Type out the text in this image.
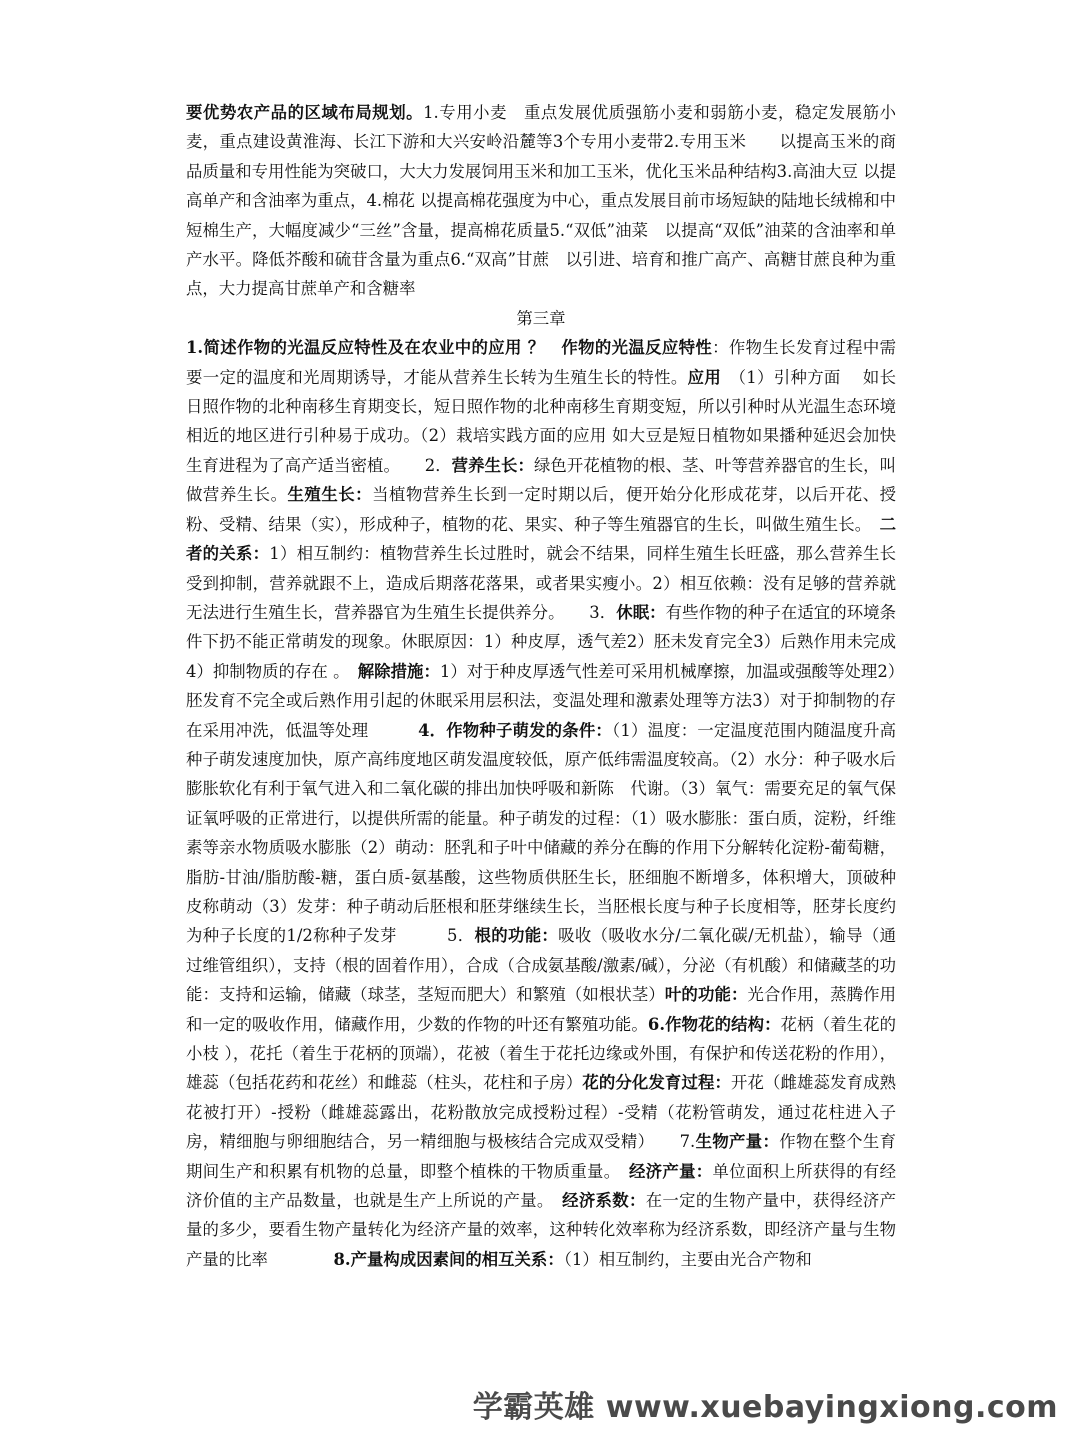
要优势农产品的区域布局规划。1.专用小麦　重点发展优质强筋小麦和弱筋小麦，稳定发展筋小麦，重点建设黄淮海、长江下游和大兴安岭沿麓等3个专用小麦带2.专用玉米　　以提高玉米的商品质量和专用性能为突破口，大大力发展饲用玉米和加工玉米，优化玉米品种结构3.高油大豆 以提高单产和含油率为重点，4.棉花 以提高棉花强度为中心，重点发展目前市场短缺的陆地长绒棉和中短棉生产，大幅度减少“三丝”含量，提高棉花质量5.“双低”油菜　以提高“双低”油菜的含油率和单产水平。降低芥酸和硫苷含量为重点6.“双高”甘蔗　以引进、培育和推广高产、高糖甘蔗良种为重点，大力提高甘蔗单产和含糖率

第三章

1.简述作物的光温反应特性及在农业中的应用 ？　 作物的光温反应特性：作物生长发育过程中需要一定的温度和光周期诱导，才能从营养生长转为生殖生长的特性。应用　（1）引种方面　 如长日照作物的北种南移生育期变长，短日照作物的北种南移生育期变短，所以引种时从光温生态环境相近的地区进行引种易于成功。（2）栽培实践方面的应用 如大豆是短日植物如果播种延迟会加快生育进程为了高产适当密植。　　2．营养生长：绿色开花植物的根、茎、叶等营养器官的生长，叫做营养生长。生殖生长：当植物营养生长到一定时期以后，便开始分化形成花芽，以后开花、授粉、受精、结果（实），形成种子，植物的花、果实、种子等生殖器官的生长，叫做生殖生长。　二者的关系：1）相互制约：植物营养生长过胜时，就会不结果，同样生殖生长旺盛，那么营养生长受到抑制，营养就跟不上，造成后期落花落果，或者果实瘦小。2）相互依赖：没有足够的营养就无法进行生殖生长，营养器官为生殖生长提供养分。　　3．休眠：有些作物的种子在适宜的环境条件下扔不能正常萌发的现象。休眠原因：1）种皮厚，透气差2）胚未发育完全3）后熟作用未完成4）抑制物质的存在 。　解除措施：1）对于种皮厚透气性差可采用机械摩擦，加温或强酸等处理2）胚发育不完全或后熟作用引起的休眠采用层积法，变温处理和激素处理等方法3）对于抑制物的存在采用冲洗，低温等处理　　　4．作物种子萌发的条件：（1）温度：一定温度范围内随温度升高种子萌发速度加快，原产高纬度地区萌发温度较低，原产低纬需温度较高。（2）水分：种子吸水后膨胀软化有利于氧气进入和二氧化碳的排出加快呼吸和新陈　代谢。（3）氧气：需要充足的氧气保证氧呼吸的正常进行，以提供所需的能量。种子萌发的过程：（1）吸水膨胀：蛋白质，淀粉，纤维素等亲水物质吸水膨胀（2）萌动：胚乳和子叶中储藏的养分在酶的作用下分解转化淀粉-葡萄糖，脂肪-甘油/脂肪酸-糖，蛋白质-氨基酸，这些物质供胚生长，胚细胞不断增多，体积增大，顶破种皮称萌动（3）发芽：种子萌动后胚根和胚芽继续生长，当胚根长度与种子长度相等，胚芽长度约为种子长度的1/2称种子发芽　　　5．根的功能：吸收（吸收水分/二氧化碳/无机盐），输导（通过维管组织），支持（根的固着作用），合成（合成氨基酸/激素/碱），分泌（有机酸）和储藏茎的功能：支持和运输，储藏（球茎，茎短而肥大）和繁殖（如根状茎）叶的功能：光合作用，蒸腾作用和一定的吸收作用，储藏作用，少数的作物的叶还有繁殖功能。6.作物花的结构：花柄（着生花的小枝 ），花托（着生于花柄的顶端），花被（着生于花托边缘或外围，有保护和传送花粉的作用），雄蕊（包括花药和花丝）和雌蕊（柱头，花柱和子房）花的分化发育过程：开花（雌雄蕊发育成熟花被打开）-授粉（雌雄蕊露出，花粉散放完成授粉过程）-受精（花粉管萌发，通过花柱进入子房，精细胞与卵细胞结合，另一精细胞与极核结合完成双受精）　　7.生物产量：作物在整个生育期间生产和积累有机物的总量，即整个植株的干物质重量。　经济产量：单位面积上所获得的有经济价值的主产品数量，也就是生产上所说的产量。　经济系数：在一定的生物产量中，获得经济产量的多少，要看生物产量转化为经济产量的效率，这种转化效率称为经济系数，即经济产量与生物产量的比率　　　　8.产量构成因素间的相互关系：（1）相互制约，主要由光合产物和

学霸英雄 www.xuebayingxiong.com
